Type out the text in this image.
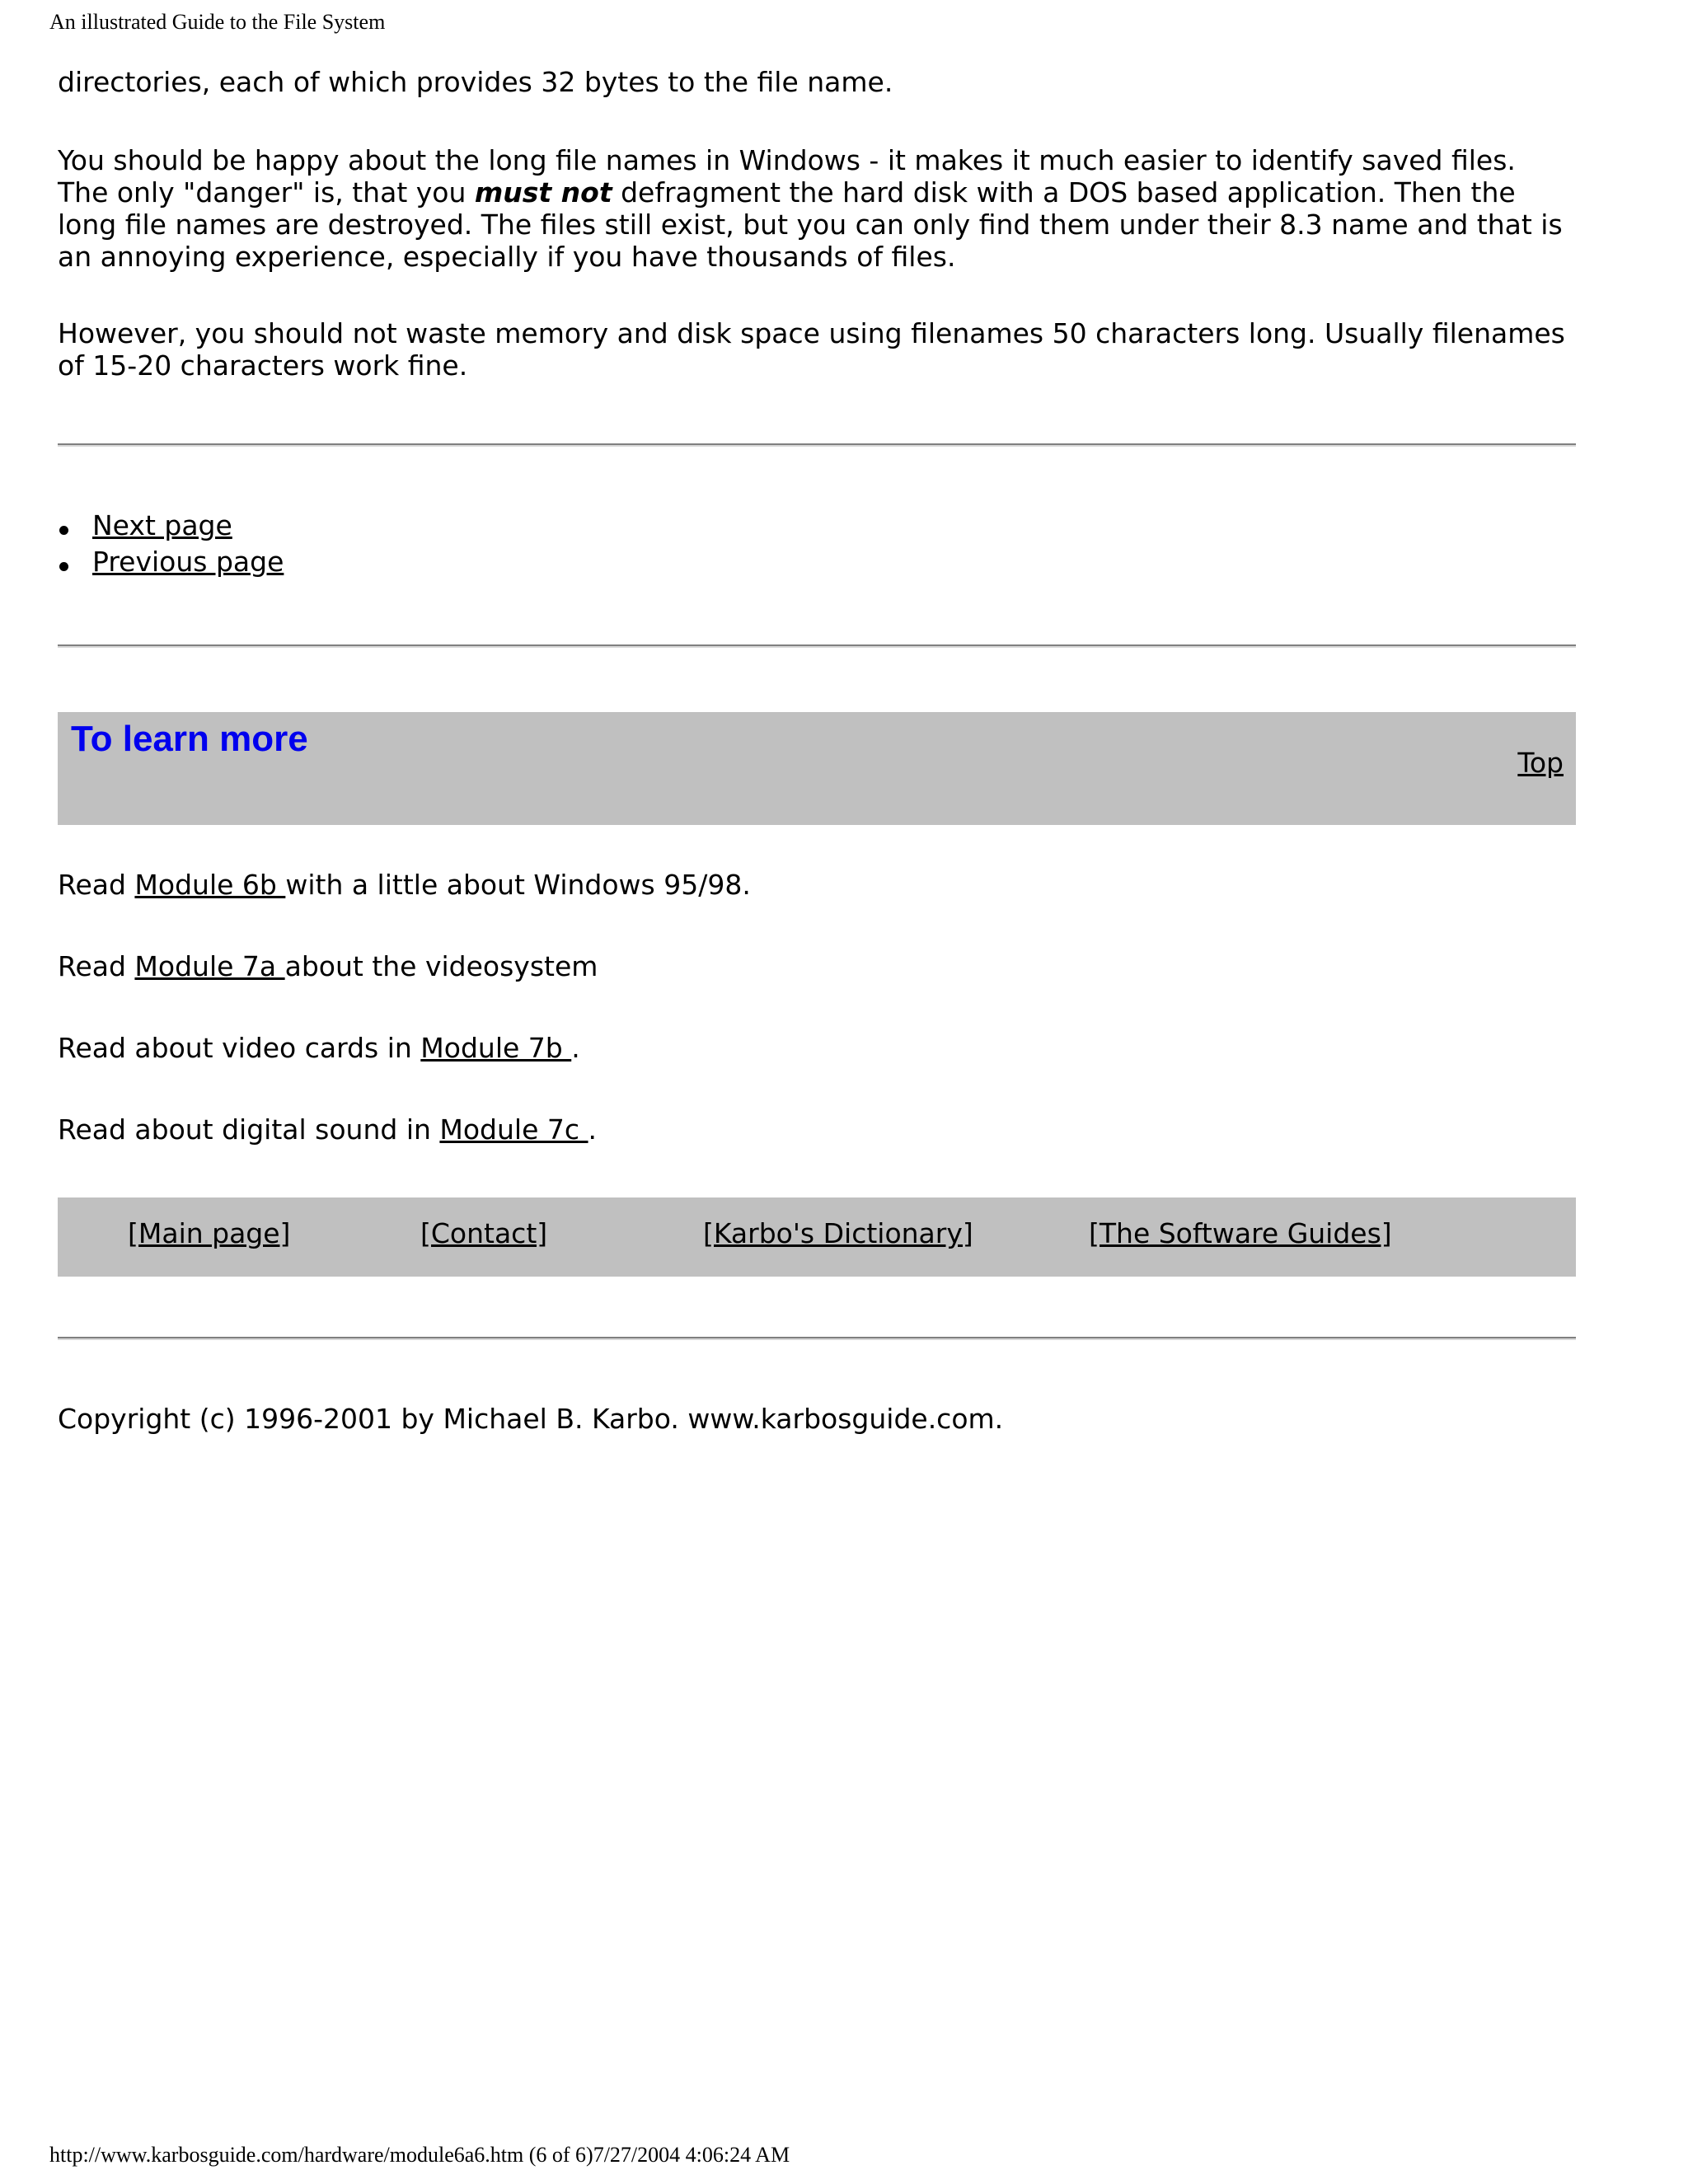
An illustrated Guide to the File System

directories, each of which provides 32 bytes to the file name.

You should be happy about the long file names in Windows - it makes it much easier to identify saved files. The only "danger" is, that you must not defragment the hard disk with a DOS based application. Then the long file names are destroyed. The files still exist, but you can only find them under their 8.3 name and that is an annoying experience, especially if you have thousands of files.

However, you should not waste memory and disk space using filenames 50 characters long. Usually filenames of 15-20 characters work fine.

Next page
Previous page
To learn more
Top

Read Module 6b with a little about Windows 95/98.

Read Module 7a about the videosystem

Read about video cards in Module 7b .

Read about digital sound in Module 7c .

[Main page]	[Contact]	[Karbo's Dictionary]	[The Software Guides]

Copyright (c) 1996-2001 by Michael B. Karbo. www.karbosguide.com.

http://www.karbosguide.com/hardware/module6a6.htm (6 of 6)7/27/2004 4:06:24 AM
